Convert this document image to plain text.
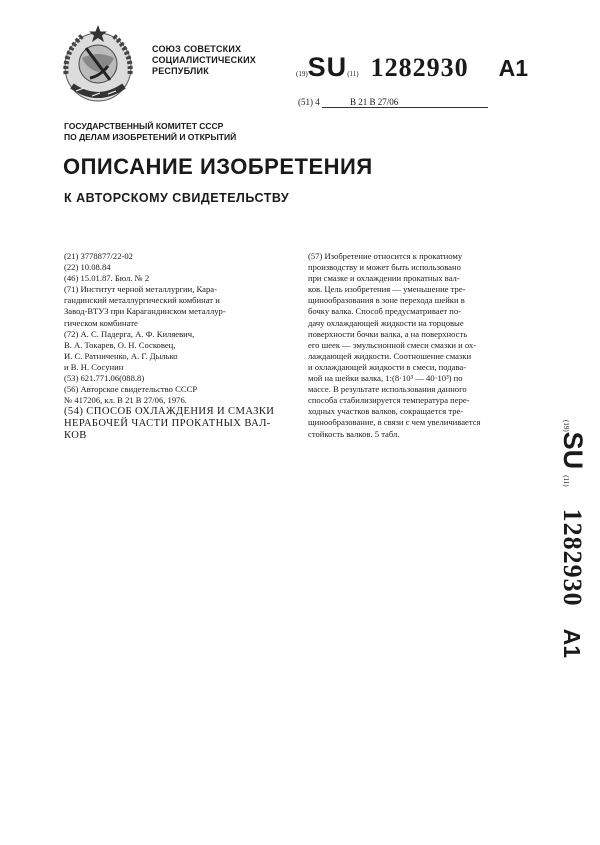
СОЮЗ СОВЕТСКИХ
СОЦИАЛИСТИЧЕСКИХ
РЕСПУБЛИК	(19) SU (11) 1282930 A1
(51) 4	В 21 В 27/06
ГОСУДАРСТВЕННЫЙ КОМИТЕТ СССР
ПО ДЕЛАМ ИЗОБРЕТЕНИЙ И ОТКРЫТИЙ
ОПИСАНИЕ ИЗОБРЕТЕНИЯ
К АВТОРСКОМУ СВИДЕТЕЛЬСТВУ
(21) 3778877/22-02
(22) 10.08.84
(46) 15.01.87. Бюл. № 2
(71) Институт черной металлургии, Кара-
гандинский металлургический комбинат и
Завод-ВТУЗ при Карагандинском металлур-
гическом комбинате
(72) А. С. Падерга, А. Ф. Киляевич,
В. А. Токарев, О. Н. Сосковец,
И. С. Ратниченко, А. Г. Дылько
и В. Н. Сосунин
(53) 621.771.06(088.8)
(56) Авторское свидетельство СССР
№ 417206, кл. В 21 В 27/06, 1976.
(54) СПОСОБ ОХЛАЖДЕНИЯ И СМАЗКИ
НЕРАБОЧЕЙ ЧАСТИ ПРОКАТНЫХ ВАЛ-
КОВ
(57) Изобретение относится к прокатному
производству и может быть использовано
при смазке и охлаждении прокатных вал-
ков. Цель изобретения — уменьшение тре-
щинообразования в зоне перехода шейки в
бочку валка. Способ предусматривает по-
дачу охлаждающей жидкости на торцовые
поверхности бочки валка, а на поверхность
его шеек — эмульсионной смеси смазки и ох-
лаждающей жидкости. Соотношение смазки
и охлаждающей жидкости в смеси, подава-
мой на шейки валка, 1:(8·10³ — 40·10³) по
массе. В результате использования данного
способа стабилизируется температура пере-
ходных участков валков, сокращается тре-
щинообразование, в связи с чем увеличивается
стойкость валков. 5 табл.
(19)
SU
(11)
1282930
A1
